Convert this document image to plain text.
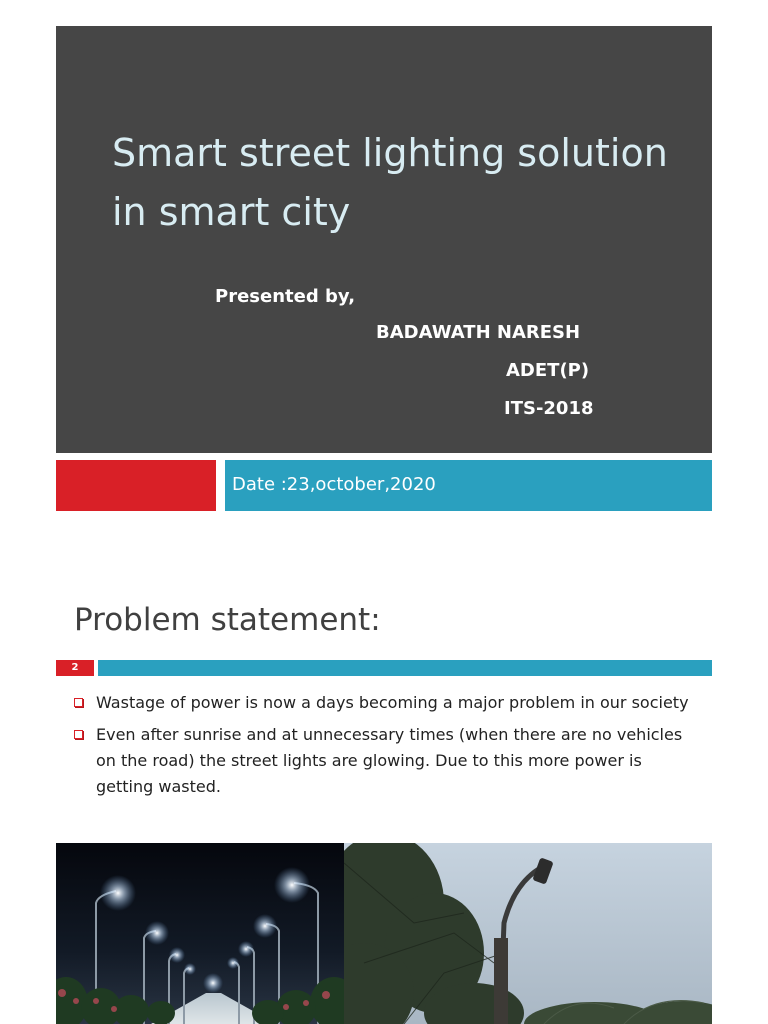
Smart street lighting solution in smart city
Presented by,
BADAWATH NARESH
ADET(P)
ITS-2018
Date :23,october,2020
Problem statement:
2
Wastage of power is now a days becoming a major problem in our society
Even after sunrise and at unnecessary times (when there are no vehicles on the road) the street lights are glowing. Due to this more power is getting wasted.
